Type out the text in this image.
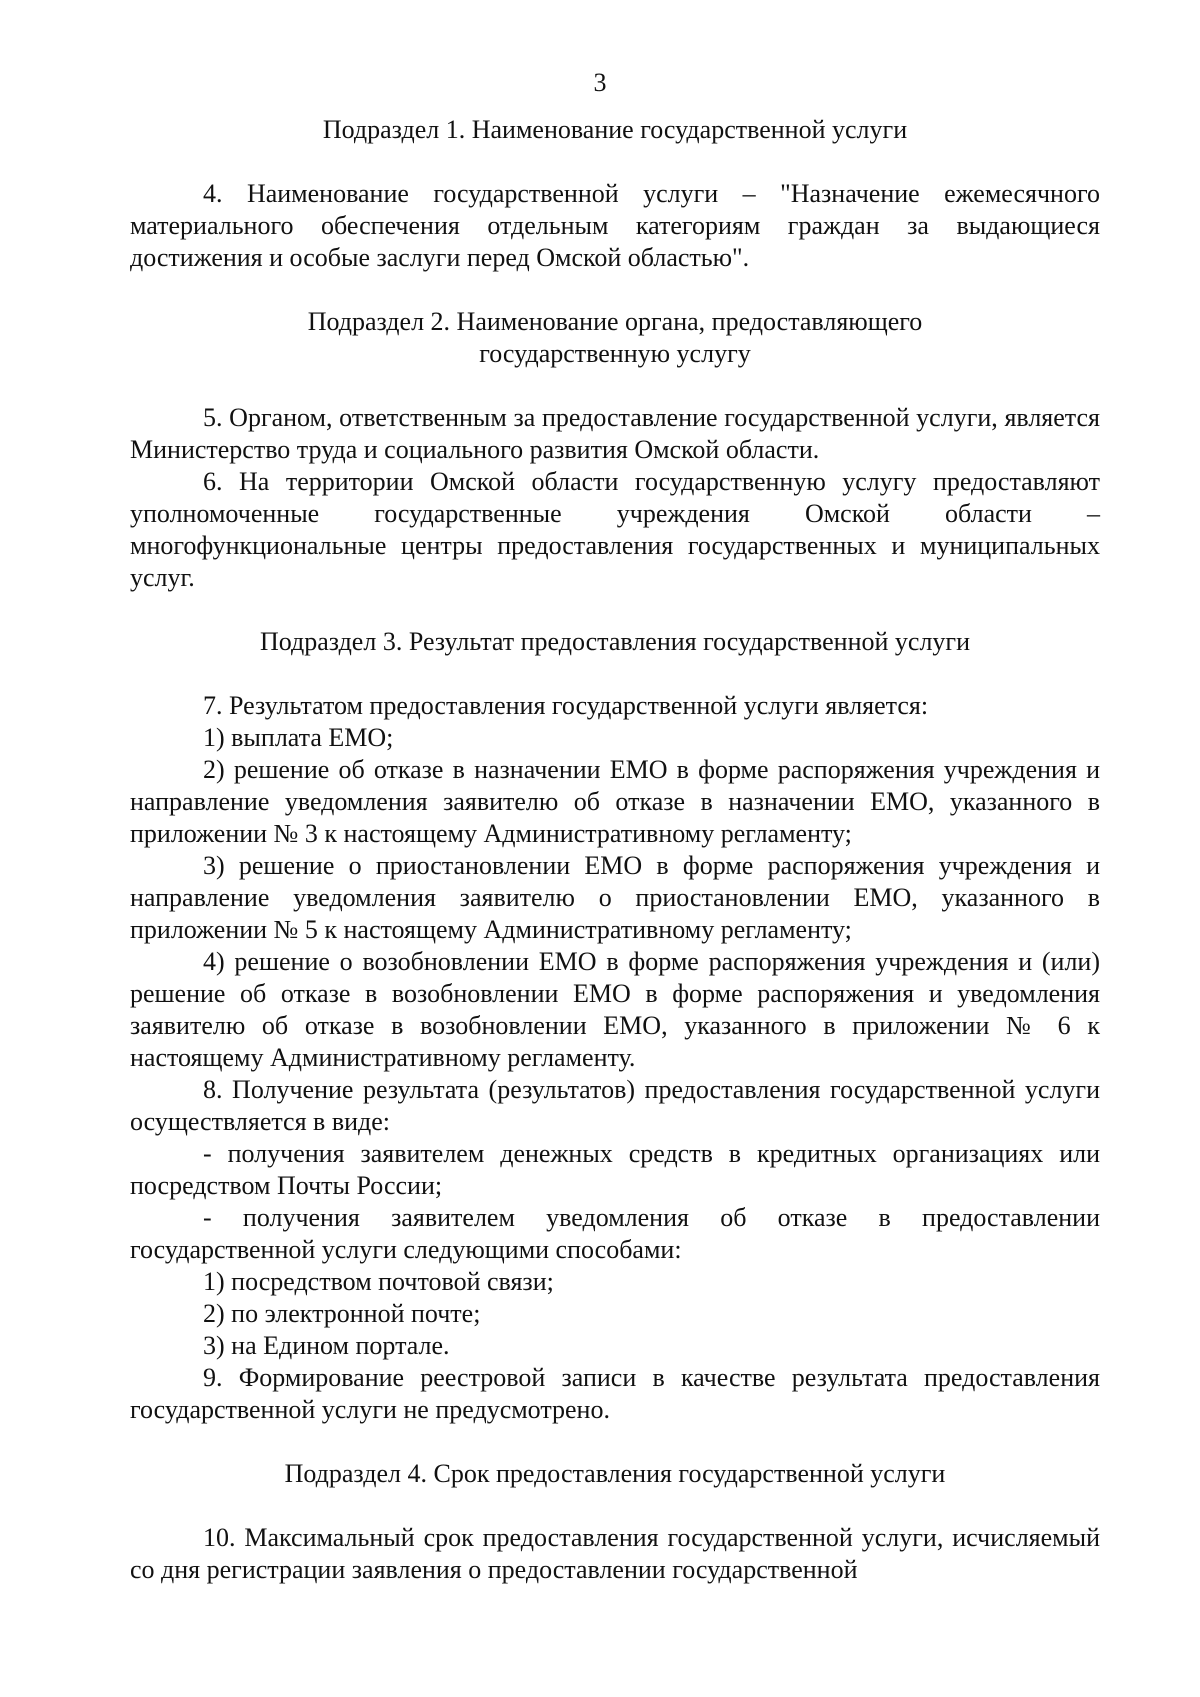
3
Подраздел 1. Наименование государственной услуги

4. Наименование государственной услуги – "Назначение ежемесячного материального обеспечения отдельным категориям граждан за выдающиеся достижения и особые заслуги перед Омской областью".

Подраздел 2. Наименование органа, предоставляющего
государственную услугу

5. Органом, ответственным за предоставление государственной услуги, является Министерство труда и социального развития Омской области.

6. На территории Омской области государственную услугу предоставляют уполномоченные государственные учреждения Омской области – многофункциональные центры предоставления государственных и муниципальных услуг.

Подраздел 3. Результат предоставления государственной услуги

7. Результатом предоставления государственной услуги является:

1) выплата ЕМО;

2) решение об отказе в назначении ЕМО в форме распоряжения учреждения и направление уведомления заявителю об отказе в назначении ЕМО, указанного в приложении № 3 к настоящему Административному регламенту;

3) решение о приостановлении ЕМО в форме распоряжения учреждения и направление уведомления заявителю о приостановлении ЕМО, указанного в приложении № 5 к настоящему Административному регламенту;

4) решение о возобновлении ЕМО в форме распоряжения учреждения и (или) решение об отказе в возобновлении ЕМО в форме распоряжения и уведомления заявителю об отказе в возобновлении ЕМО, указанного в приложении № 6 к настоящему Административному регламенту.

8. Получение результата (результатов) предоставления государственной услуги осуществляется в виде:

- получения заявителем денежных средств в кредитных организациях или посредством Почты России;

- получения заявителем уведомления об отказе в предоставлении государственной услуги следующими способами:

1) посредством почтовой связи;

2) по электронной почте;

3) на Едином портале.

9. Формирование реестровой записи в качестве результата предоставления государственной услуги не предусмотрено.

Подраздел 4. Срок предоставления государственной услуги

10. Максимальный срок предоставления государственной услуги, исчисляемый со дня регистрации заявления о предоставлении государственной
